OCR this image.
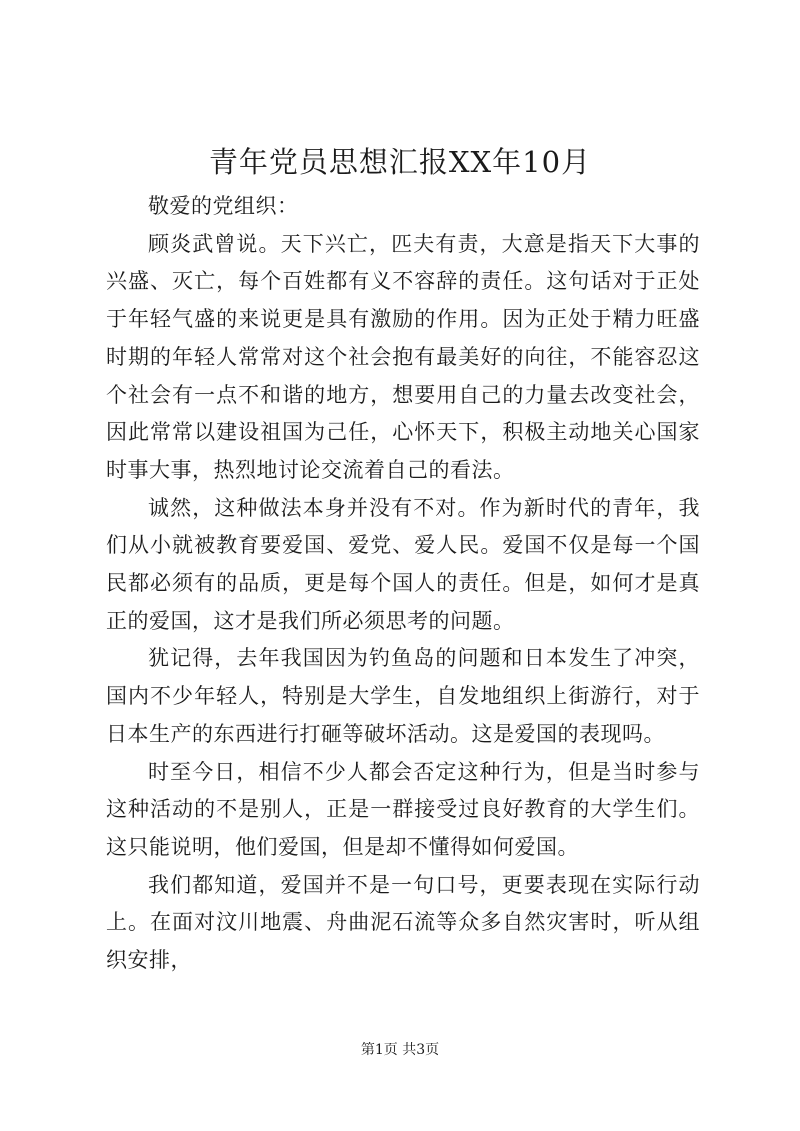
青年党员思想汇报XX年10月

敬爱的党组织：

顾炎武曾说。天下兴亡，匹夫有责，大意是指天下大事的兴盛、灭亡，每个百姓都有义不容辞的责任。这句话对于正处于年轻气盛的来说更是具有激励的作用。因为正处于精力旺盛时期的年轻人常常对这个社会抱有最美好的向往，不能容忍这个社会有一点不和谐的地方，想要用自己的力量去改变社会，因此常常以建设祖国为己任，心怀天下，积极主动地关心国家时事大事，热烈地讨论交流着自己的看法。

诚然，这种做法本身并没有不对。作为新时代的青年，我们从小就被教育要爱国、爱党、爱人民。爱国不仅是每一个国民都必须有的品质，更是每个国人的责任。但是，如何才是真正的爱国，这才是我们所必须思考的问题。

犹记得，去年我国因为钓鱼岛的问题和日本发生了冲突，国内不少年轻人，特别是大学生，自发地组织上街游行，对于日本生产的东西进行打砸等破坏活动。这是爱国的表现吗。

时至今日，相信不少人都会否定这种行为，但是当时参与这种活动的不是别人，正是一群接受过良好教育的大学生们。这只能说明，他们爱国，但是却不懂得如何爱国。

我们都知道，爱国并不是一句口号，更要表现在实际行动上。在面对汶川地震、舟曲泥石流等众多自然灾害时，听从组织安排，

第1页 共3页
